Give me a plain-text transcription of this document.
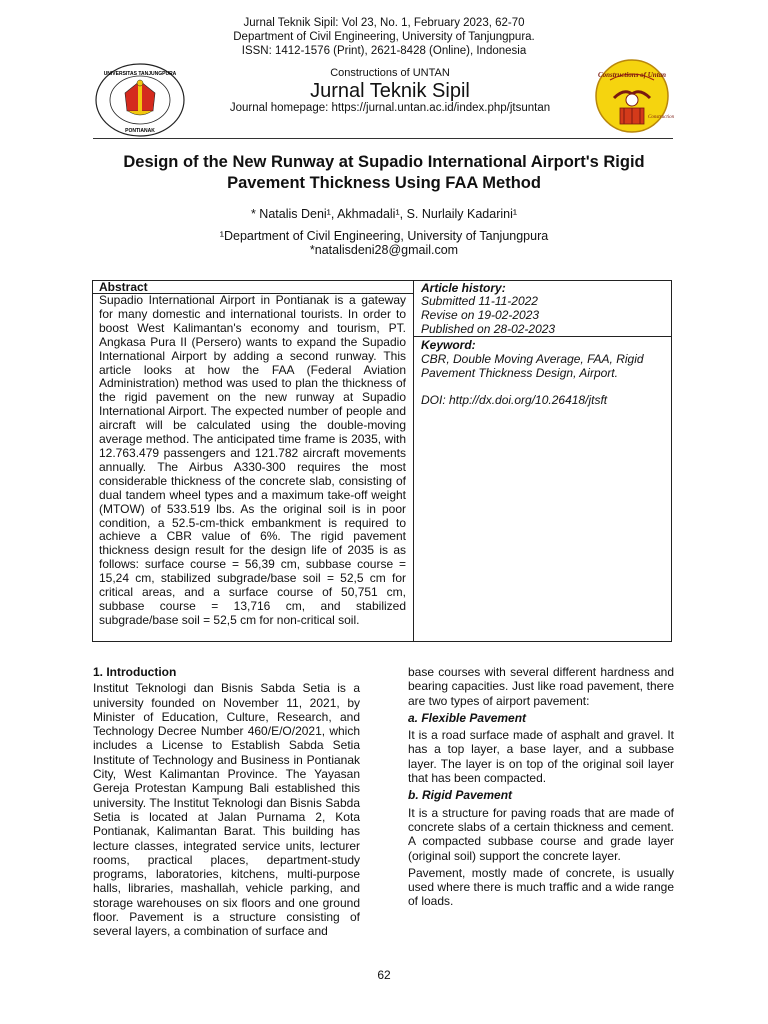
Jurnal Teknik Sipil: Vol 23, No. 1, February 2023, 62-70
Department of Civil Engineering, University of Tanjungpura.
ISSN: 1412-1576 (Print), 2621-8428 (Online), Indonesia
UNIVERSITAS TANJUNGPURA
PONTIANAK
Constructions of UNTAN
Jurnal Teknik Sipil
Journal homepage: https://jurnal.untan.ac.id/index.php/jtsuntan
Constructions of Untan
Construction
Design of the New Runway at Supadio International Airport's Rigid
Pavement Thickness Using FAA Method
* Natalis Deni¹, Akhmadali¹, S. Nurlaily Kadarini¹
¹Department of Civil Engineering, University of Tanjungpura
*natalisdeni28@gmail.com
Abstract
Supadio International Airport in Pontianak is a gateway for many domestic and international tourists. In order to boost West Kalimantan's economy and tourism, PT. Angkasa Pura II (Persero) wants to expand the Supadio International Airport by adding a second runway. This article looks at how the FAA (Federal Aviation Administration) method was used to plan the thickness of the rigid pavement on the new runway at Supadio International Airport. The expected number of people and aircraft will be calculated using the double-moving average method. The anticipated time frame is 2035, with 12.763.479 passengers and 121.782 aircraft movements annually. The Airbus A330-300 requires the most considerable thickness of the concrete slab, consisting of dual tandem wheel types and a maximum take-off weight (MTOW) of 533.519 lbs. As the original soil is in poor condition, a 52.5-cm-thick embankment is required to achieve a CBR value of 6%. The rigid pavement thickness design result for the design life of 2035 is as follows: surface course = 56,39 cm, subbase course = 15,24 cm, stabilized subgrade/base soil = 52,5 cm for critical areas, and a surface course of 50,751 cm, subbase course = 13,716 cm, and stabilized subgrade/base soil = 52,5 cm for non-critical soil.
Article history:
Submitted 11-11-2022
Revise on 19-02-2023
Published on 28-02-2023
Keyword:
CBR, Double Moving Average, FAA, Rigid Pavement Thickness Design, Airport.
DOI: http://dx.doi.org/10.26418/jtsft

1. Introduction

Institut Teknologi dan Bisnis Sabda Setia is a university founded on November 11, 2021, by Minister of Education, Culture, Research, and Technology Decree Number 460/E/O/2021, which includes a License to Establish Sabda Setia Institute of Technology and Business in Pontianak City, West Kalimantan Province. The Yayasan Gereja Protestan Kampung Bali established this university. The Institut Teknologi dan Bisnis Sabda Setia is located at Jalan Purnama 2, Kota Pontianak, Kalimantan Barat. This building has lecture classes, integrated service units, lecturer rooms, practical places, department-study programs, laboratories, kitchens, multi-purpose halls, libraries, mashallah, vehicle parking, and storage warehouses on six floors and one ground floor. Pavement is a structure consisting of several layers, a combination of surface and

base courses with several different hardness and bearing capacities. Just like road pavement, there are two types of airport pavement:

a. Flexible Pavement

It is a road surface made of asphalt and gravel. It has a top layer, a base layer, and a subbase layer. The layer is on top of the original soil layer that has been compacted.

b. Rigid Pavement

It is a structure for paving roads that are made of concrete slabs of a certain thickness and cement. A compacted subbase course and grade layer (original soil) support the concrete layer.

Pavement, mostly made of concrete, is usually used where there is much traffic and a wide range of loads.

62
